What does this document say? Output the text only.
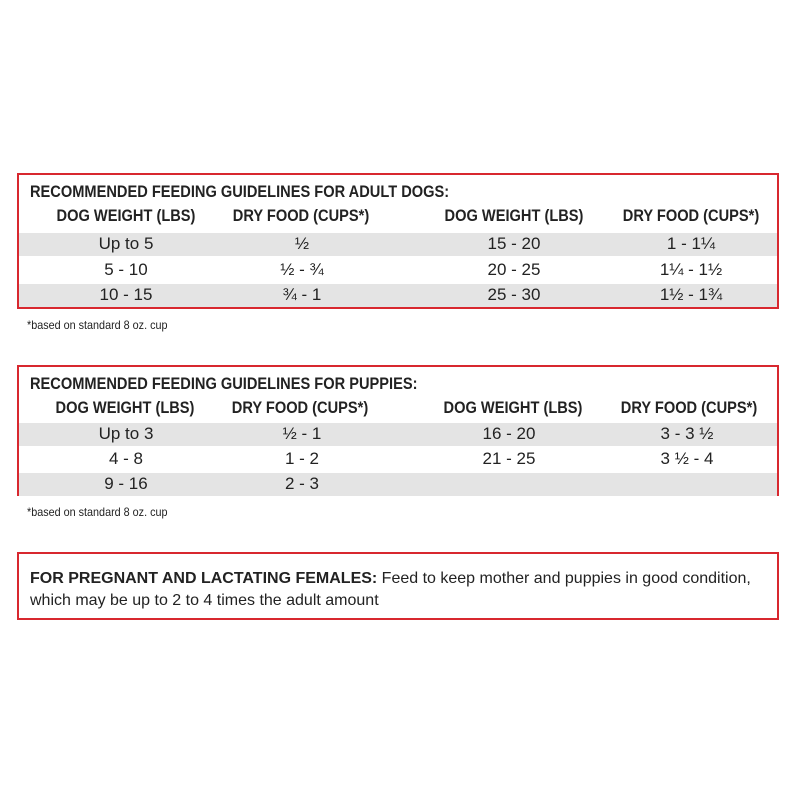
RECOMMENDED FEEDING GUIDELINES FOR ADULT DOGS:
DOG WEIGHT (LBS)	DRY FOOD (CUPS*)	DOG WEIGHT (LBS)	DRY FOOD (CUPS*)
Up to 5	½	15 - 20	1 - 1¼
5 - 10	½ - ¾	20 - 25	1¼ - 1½
10 - 15	¾ - 1	25 - 30	1½ - 1¾
*based on standard 8 oz. cup
RECOMMENDED FEEDING GUIDELINES FOR PUPPIES:
DOG WEIGHT (LBS)	DRY FOOD (CUPS*)	DOG WEIGHT (LBS)	DRY FOOD (CUPS*)
Up to 3	½ - 1	16 - 20	3 - 3 ½
4 - 8	1 - 2	21 - 25	3 ½ - 4
9 - 16	2 - 3
*based on standard 8 oz. cup
FOR PREGNANT AND LACTATING FEMALES: Feed to keep mother and puppies in good condition, which may be up to 2 to 4 times the adult amount
